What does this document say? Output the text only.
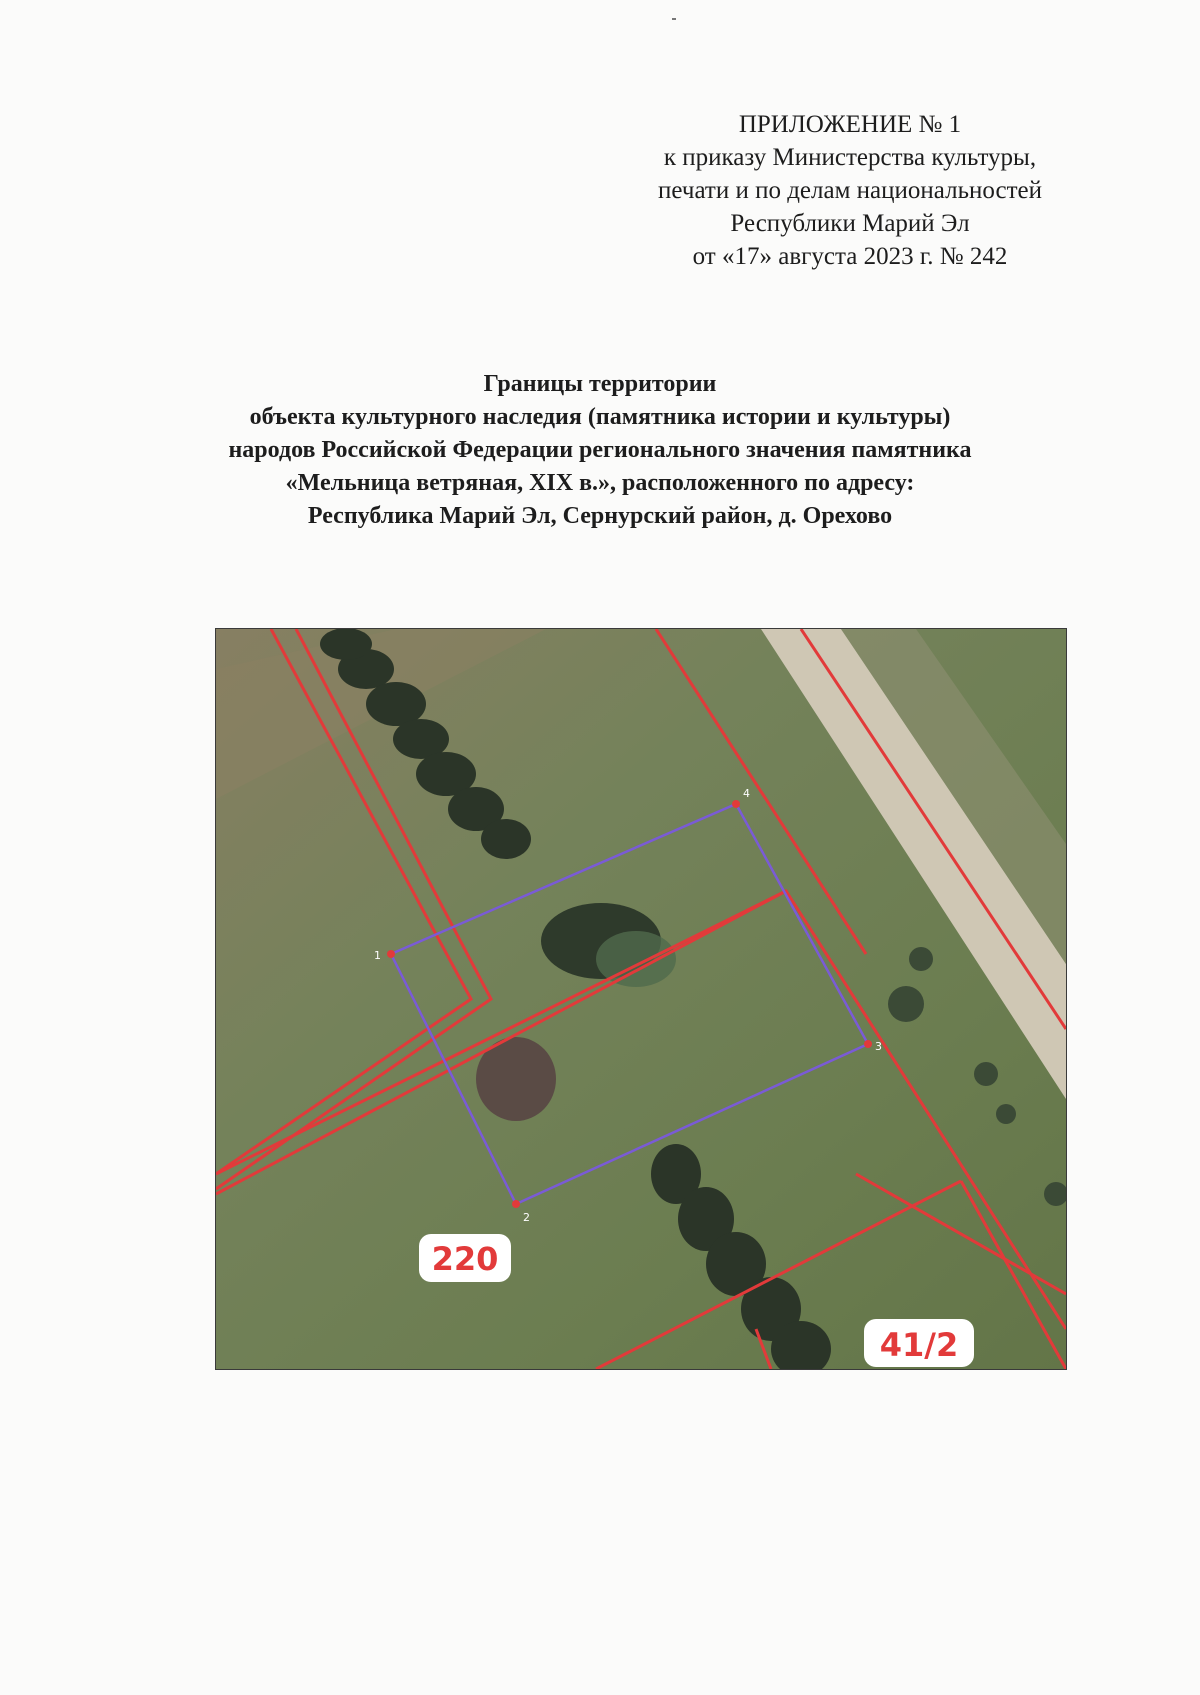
ПРИЛОЖЕНИЕ № 1
к приказу Министерства культуры,
печати и по делам национальностей
Республики Марий Эл
от «17» августа 2023 г. № 242
Границы территории
объекта культурного наследия (памятника истории и культуры)
народов Российской Федерации регионального значения памятника
«Мельница ветряная, XIX в.», расположенного по адресу:
Республика Марий Эл, Сернурский район, д. Орехово
1
2
3
4
220
41/2
